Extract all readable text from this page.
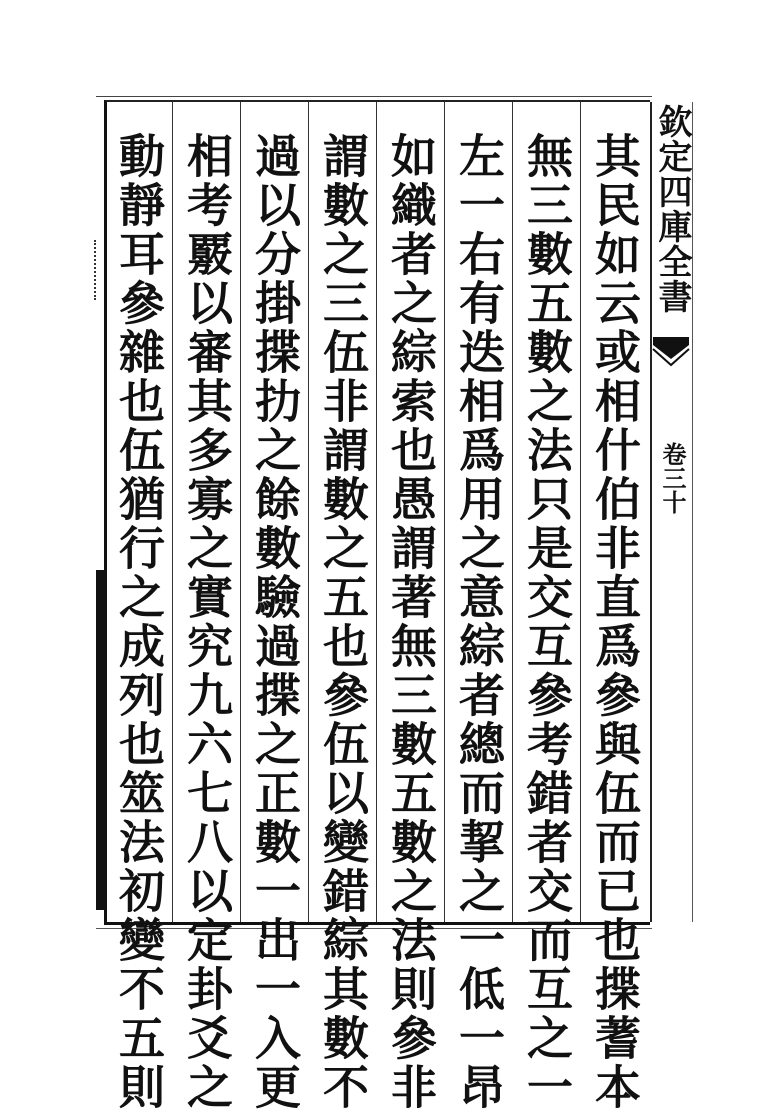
其民如云或相什伯非直爲參與伍而已也揲蓍本
無三數五數之法只是交互參考錯者交而互之一
左一右有迭相爲用之意綜者總而挈之一低一昂
如織者之綜索也愚謂著無三數五數之法則參非
謂數之三伍非謂數之五也參伍以變錯綜其數不
過以分掛揲扐之餘數驗過揲之正數一出一入更
相考覈以審其多寡之實究九六七八以定卦爻之
動靜耳參雜也伍猶行之成列也筮法初變不五則	欽定四庫全書
卷三十
